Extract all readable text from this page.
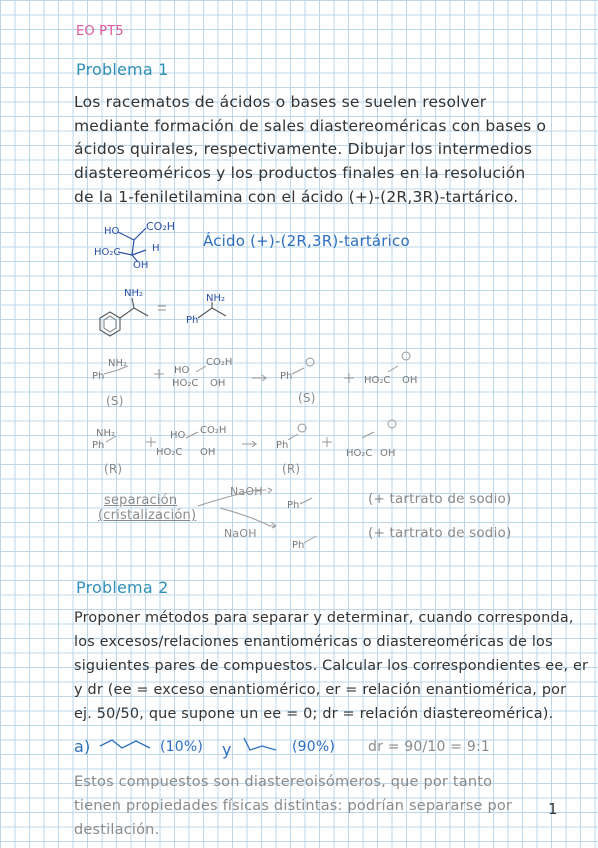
EO PT5
Problema 1
Los racematos de ácidos o bases se suelen resolver
mediante formación de sales diastereoméricas con bases o
ácidos quirales, respectivamente. Dibujar los intermedios
diastereoméricos y los productos finales en la resolución
de la 1-feniletilamina con el ácido (+)-(2R,3R)-tartárico.
HO CO₂H
HO₂C	H
OH
Ácido (+)-(2R,3R)-tartárico
NH₂	NH₂
Ph
Ph
NH₂
HO
CO₂H
HO₂C OH
Ph	HO₂C OH
(S)	(S)
Ph
NH₂	HO CO₂H
HO₂C OH
Ph
HO₂C OH
(R)	(R)
separación
(cristalización)
NaOH
NaOH
Ph
Ph
(+ tartrato de sodio)
(+ tartrato de sodio)
Problema 2
Proponer métodos para separar y determinar, cuando corresponda,
los excesos/relaciones enantioméricas o diastereoméricas de los
siguientes pares de compuestos. Calcular los correspondientes ee, er
y dr (ee = exceso enantiomérico, er = relación enantiomérica, por
ej. 50/50, que supone un ee = 0; dr = relación diastereomérica).
a)	(10%) y	(90%) dr = 90/10 = 9:1
Estos compuestos son diastereoisómeros, que por tanto
tienen propiedades físicas distintas: podrían separarse por
destilación.
1
